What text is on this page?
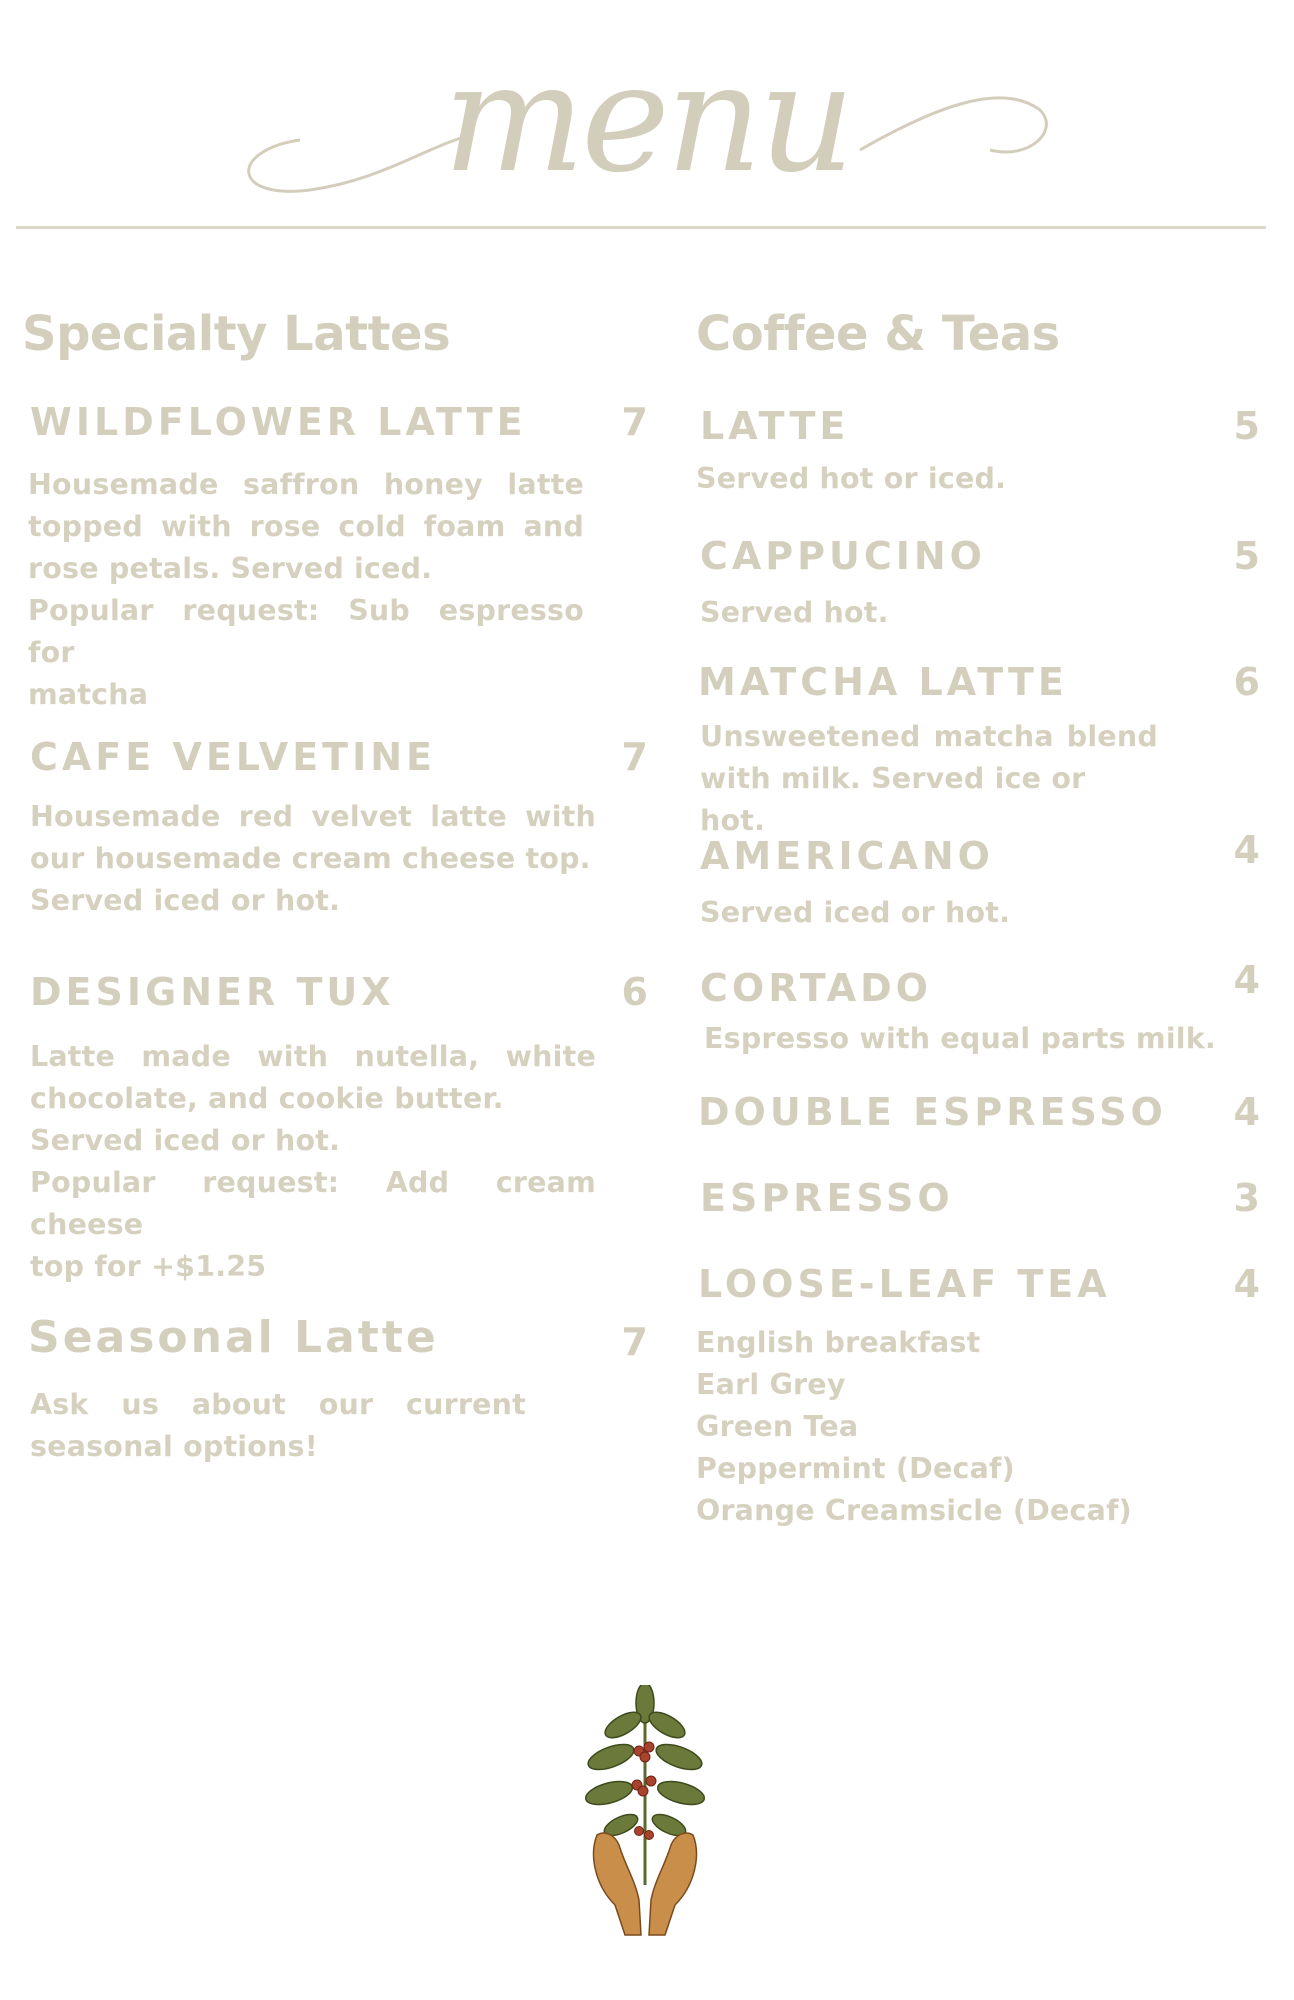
menu
Specialty Lattes

WILDFLOWER LATTE	7

Housemade saffron honey latte
topped with rose cold foam and
rose petals. Served iced.
Popular request: Sub espresso for
matcha

CAFE VELVETINE	7

Housemade red velvet latte with
our housemade cream cheese top.
Served iced or hot.

DESIGNER TUX	6

Latte made with nutella, white
chocolate, and cookie butter.
Served iced or hot.
Popular request: Add cream cheese
top for +$1.25

Seasonal Latte	7

Ask us about our current
seasonal options!
Coffee & Teas

LATTE	5

Served hot or iced.

CAPPUCINO	5

Served hot.

MATCHA LATTE	6

Unsweetened matcha blend
with milk. Served ice or hot.

AMERICANO	4

Served iced or hot.

CORTADO	4

Espresso with equal parts milk.

DOUBLE ESPRESSO	4

ESPRESSO	3

LOOSE-LEAF TEA	4

English breakfast
Earl Grey
Green Tea
Peppermint (Decaf)
Orange Creamsicle (Decaf)
